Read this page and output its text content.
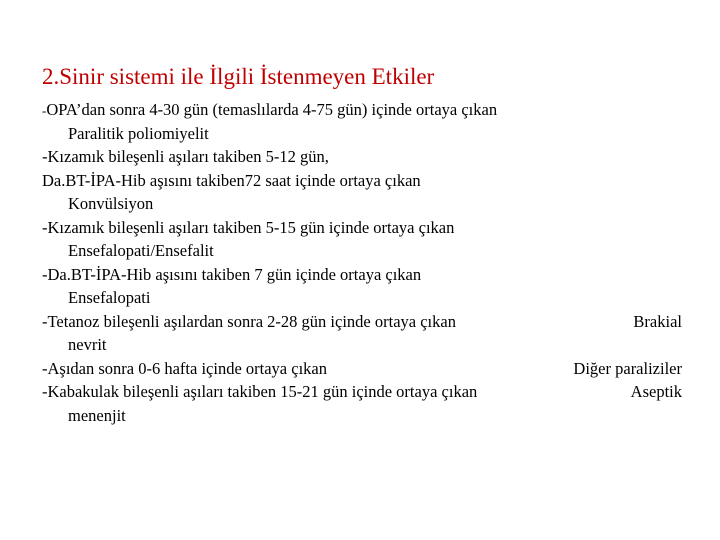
2.Sinir sistemi ile İlgili İstenmeyen Etkiler
-OPA’dan sonra 4-30 gün (temaslılarda 4-75 gün) içinde ortaya çıkan
Paralitik poliomiyelit
-Kızamık bileşenli aşıları takiben 5-12 gün,
Da.BT-İPA-Hib aşısını takiben72 saat içinde ortaya çıkan
Konvülsiyon
-Kızamık bileşenli aşıları takiben 5-15 gün içinde ortaya çıkan
Ensefalopati/Ensefalit
-Da.BT-İPA-Hib aşısını takiben 7 gün içinde ortaya çıkan
Ensefalopati
-Tetanoz bileşenli aşılardan sonra 2-28 gün içinde ortaya çıkan	Brakial
nevrit
-Aşıdan sonra 0-6 hafta içinde ortaya çıkan	Diğer paraliziler
-Kabakulak bileşenli aşıları takiben 15-21 gün içinde ortaya çıkan	Aseptik
menenjit
